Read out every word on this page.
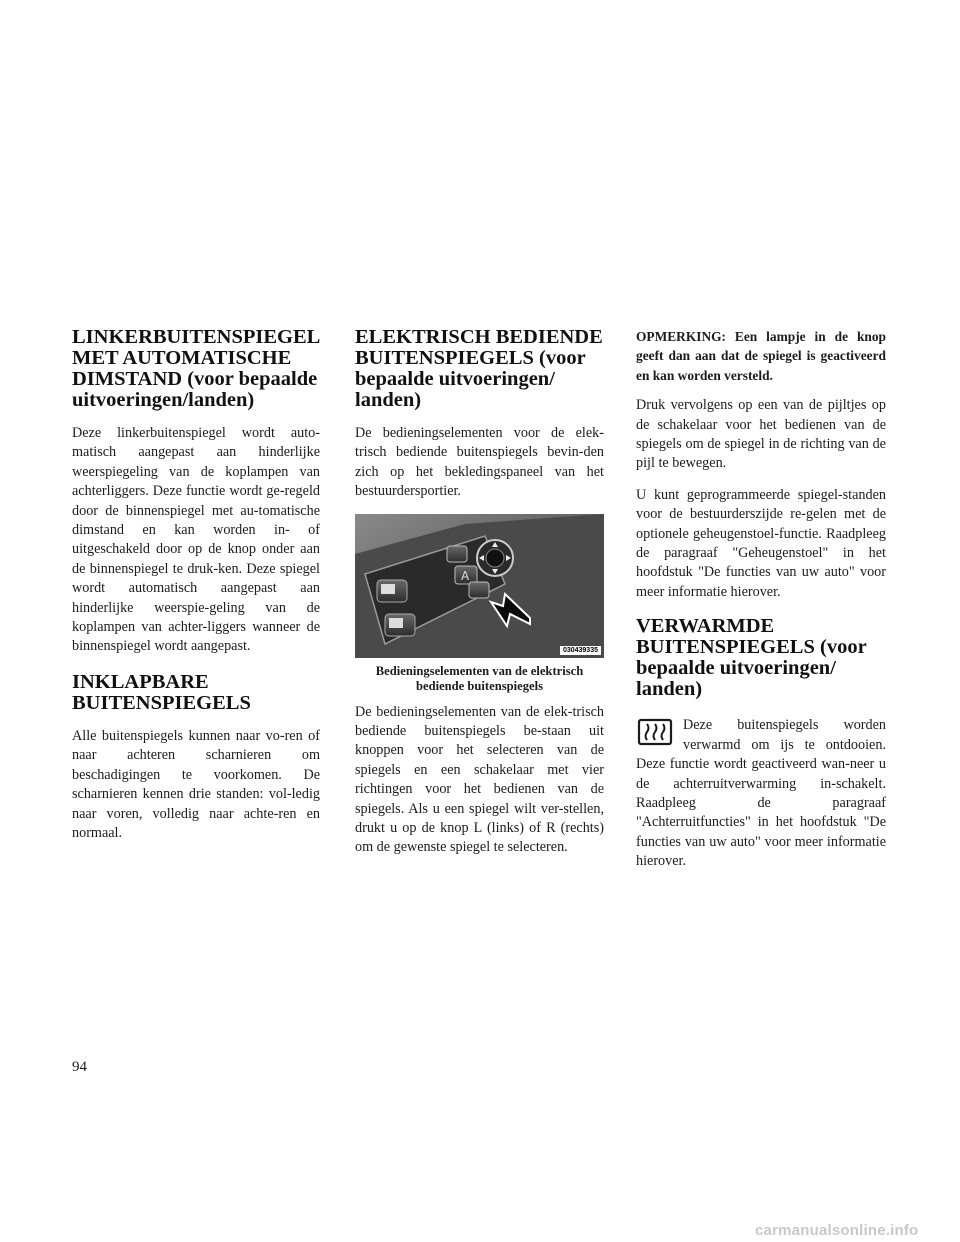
LINKERBUITENSPIEGEL MET AUTOMATISCHE DIMSTAND (voor bepaalde uitvoeringen/landen)

Deze linkerbuitenspiegel wordt auto-matisch aangepast aan hinderlijke weerspiegeling van de koplampen van achterliggers. Deze functie wordt ge-regeld door de binnenspiegel met au-tomatische dimstand en kan worden in- of uitgeschakeld door op de knop onder aan de binnenspiegel te druk-ken. Deze spiegel wordt automatisch aangepast aan hinderlijke weerspie-geling van de koplampen van achter-liggers wanneer de binnenspiegel wordt aangepast.

INKLAPBARE BUITENSPIEGELS

Alle buitenspiegels kunnen naar vo-ren of naar achteren scharnieren om beschadigingen te voorkomen. De scharnieren kennen drie standen: vol-ledig naar voren, volledig naar achte-ren en normaal.

ELEKTRISCH BEDIENDE BUITENSPIEGELS (voor bepaalde uitvoeringen/ landen)

De bedieningselementen voor de elek-trisch bediende buitenspiegels bevin-den zich op het bekledingspaneel van het bestuurdersportier.

A
030439335
Bedieningselementen van de elektrisch bediende buitenspiegels

De bedieningselementen van de elek-trisch bediende buitenspiegels be-staan uit knoppen voor het selecteren van de spiegels en een schakelaar met vier richtingen voor het bedienen van de spiegels. Als u een spiegel wilt ver-stellen, drukt u op de knop L (links) of R (rechts) om de gewenste spiegel te selecteren.

OPMERKING: Een lampje in de knop geeft dan aan dat de spiegel is geactiveerd en kan worden versteld.

Druk vervolgens op een van de pijltjes op de schakelaar voor het bedienen van de spiegels om de spiegel in de richting van de pijl te bewegen.

U kunt geprogrammeerde spiegel-standen voor de bestuurderszijde re-gelen met de optionele geheugenstoel-functie. Raadpleeg de paragraaf "Geheugenstoel" in het hoofdstuk "De functies van uw auto" voor meer informatie hierover.

VERWARMDE BUITENSPIEGELS (voor bepaalde uitvoeringen/ landen)

Deze buitenspiegels worden verwarmd om ijs te ontdooien. Deze functie wordt geactiveerd wan-neer u de achterruitverwarming in-schakelt. Raadpleeg de paragraaf "Achterruitfuncties" in het hoofdstuk "De functies van uw auto" voor meer informatie hierover.

94
carmanualsonline.info
